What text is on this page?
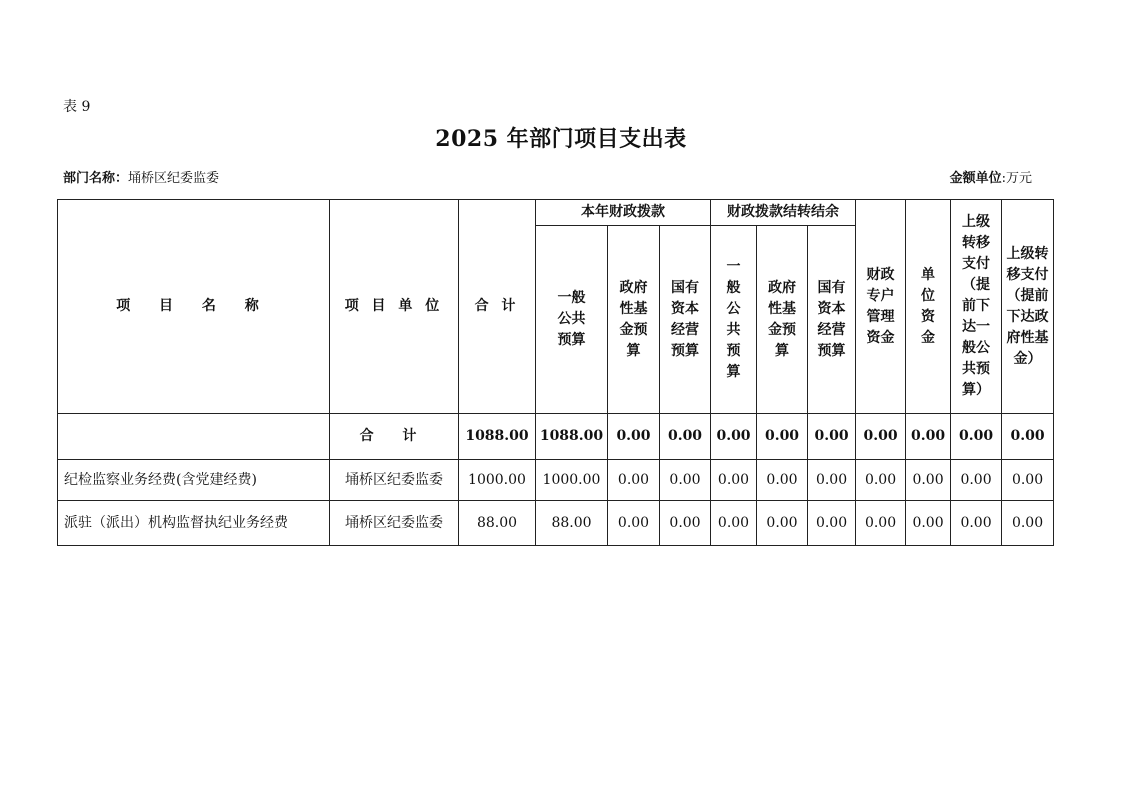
表 9
2025 年部门项目支出表
部门名称：埇桥区纪委监委	金额单位:万元
项 目 名 称	项 目 单 位	合 计	本年财政拨款			财政拨款结转结余			财政专户管理资金	单位资金	上级转移支付（提前下达一般公共预算）	上级转移支付（提前下达政府性基金）
			一般公共预算	政府性基金预算	国有资本经营预算	一般公共预算	政府性基金预算	国有资本经营预算				
	合 计	1088.00	1088.00	0.00	0.00	0.00	0.00	0.00	0.00	0.00	0.00	0.00
纪检监察业务经费(含党建经费)	埇桥区纪委监委	1000.00	1000.00	0.00	0.00	0.00	0.00	0.00	0.00	0.00	0.00	0.00
派驻（派出）机构监督执纪业务经费	埇桥区纪委监委	88.00	88.00	0.00	0.00	0.00	0.00	0.00	0.00	0.00	0.00	0.00
